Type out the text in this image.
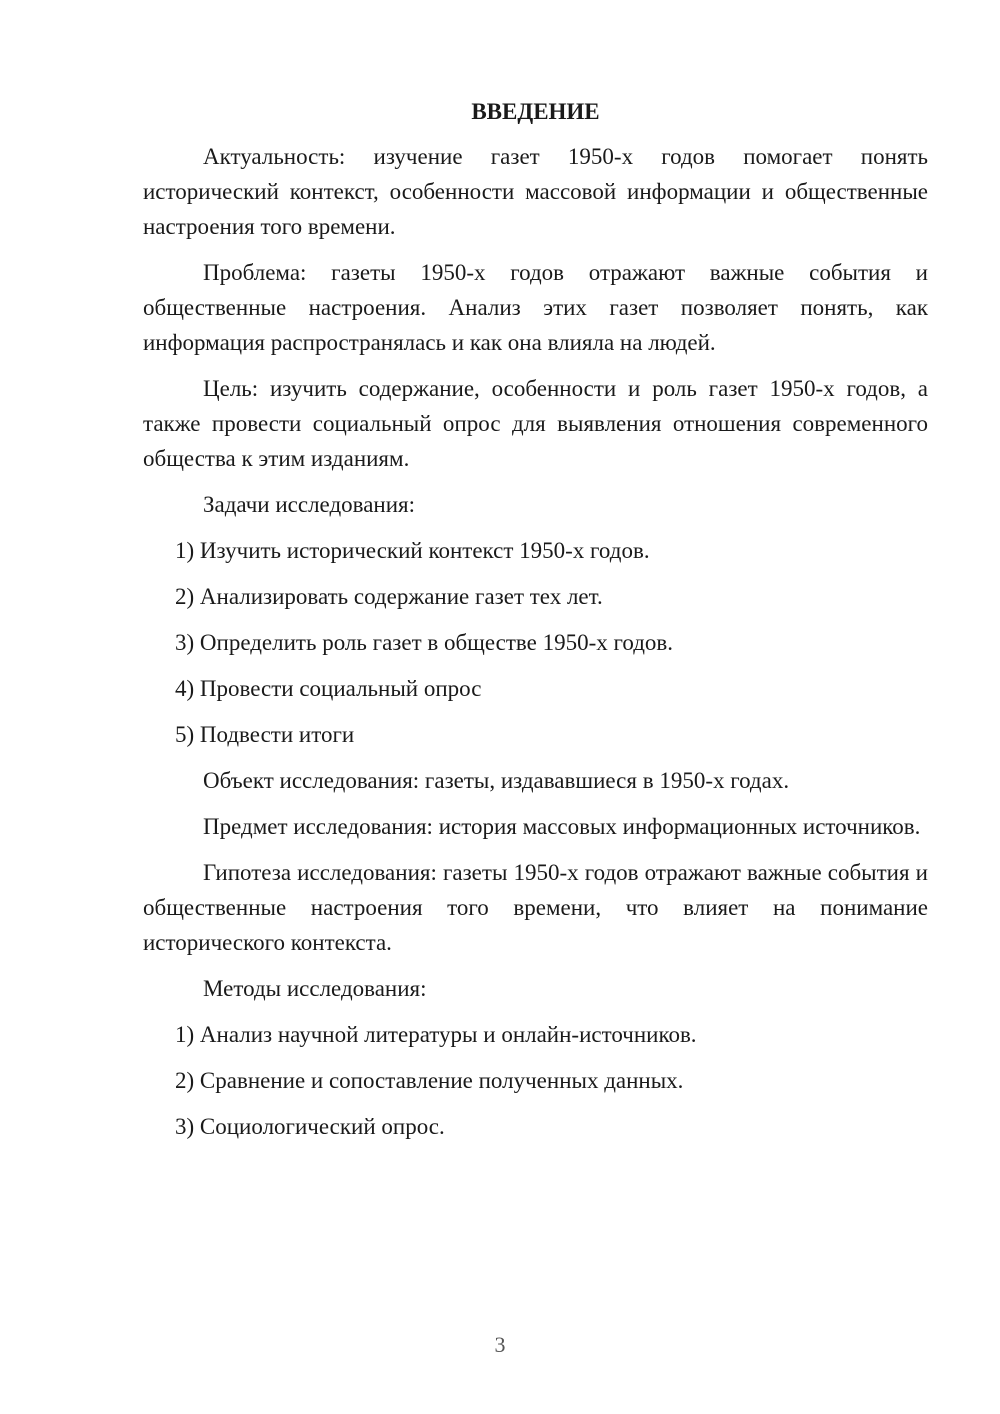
ВВЕДЕНИЕ

Актуальность: изучение газет 1950-х годов помогает понять исторический контекст, особенности массовой информации и общественные настроения того времени.

Проблема: газеты 1950-х годов отражают важные события и общественные настроения. Анализ этих газет позволяет понять, как информация распространялась и как она влияла на людей.

Цель: изучить содержание, особенности и роль газет 1950-х годов, а также провести социальный опрос для выявления отношения современного общества к этим изданиям.

Задачи исследования:

1) Изучить исторический контекст 1950-х годов.

2) Анализировать содержание газет тех лет.

3) Определить роль газет в обществе 1950-х годов.

4) Провести социальный опрос

5) Подвести итоги

Объект исследования: газеты, издававшиеся в 1950-х годах.

Предмет исследования: история массовых информационных источников.

Гипотеза исследования: газеты 1950-х годов отражают важные события и общественные настроения того времени, что влияет на понимание исторического контекста.

Методы исследования:

1) Анализ научной литературы и онлайн-источников.

2) Сравнение и сопоставление полученных данных.

3) Социологический опрос.

3
